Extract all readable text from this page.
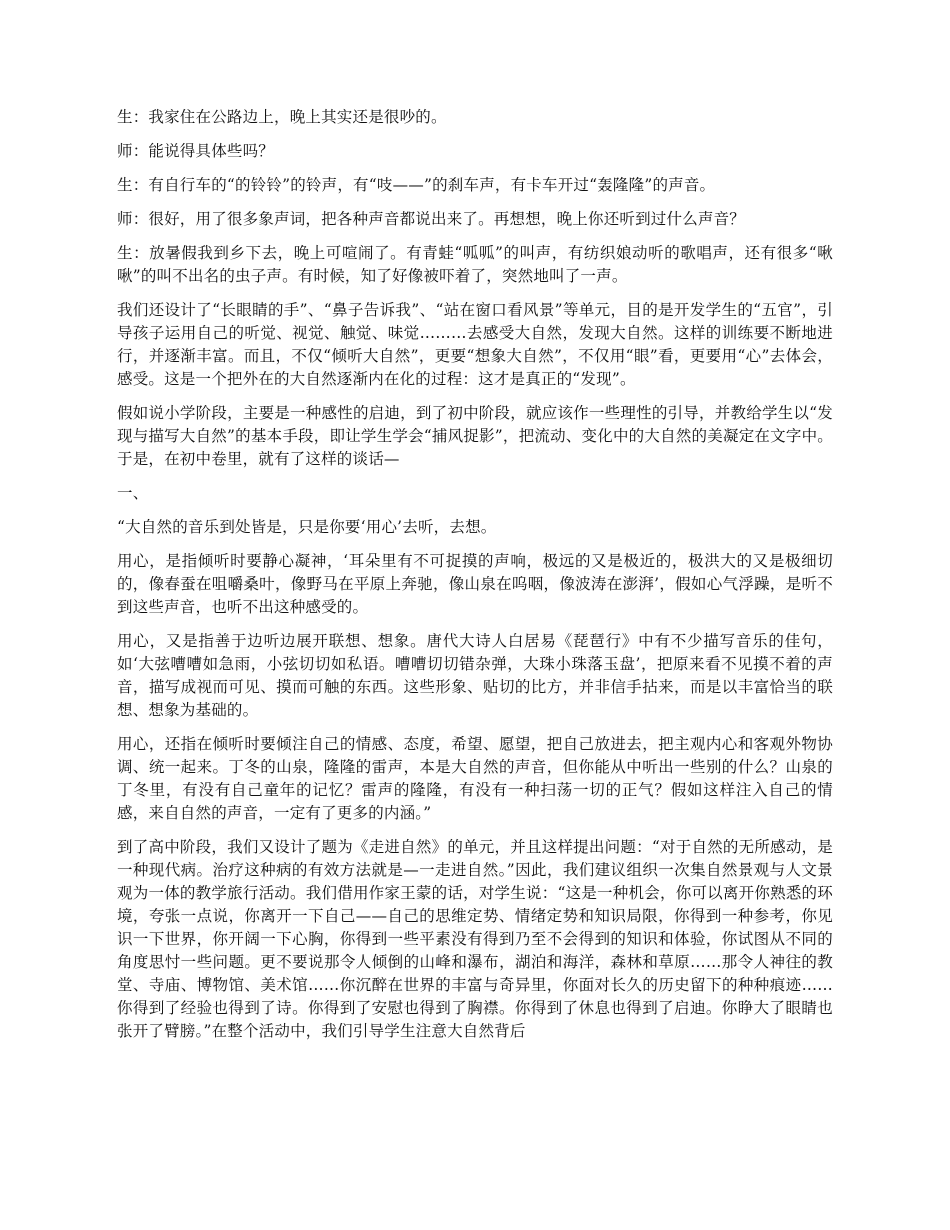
生：我家住在公路边上，晚上其实还是很吵的。

师：能说得具体些吗？

生：有自行车的“的铃铃”的铃声，有“吱——”的刹车声，有卡车开过“轰隆隆”的声音。

师：很好，用了很多象声词，把各种声音都说出来了。再想想，晚上你还听到过什么声音？

生：放暑假我到乡下去，晚上可喧闹了。有青蛙“呱呱”的叫声，有纺织娘动听的歌唱声，还有很多“啾啾”的叫不出名的虫子声。有时候，知了好像被吓着了，突然地叫了一声。

我们还设计了“长眼睛的手”、“鼻子告诉我”、“站在窗口看风景”等单元，目的是开发学生的“五官”，引导孩子运用自己的听觉、视觉、触觉、味觉………去感受大自然，发现大自然。这样的训练要不断地进行，并逐渐丰富。而且，不仅“倾听大自然”，更要“想象大自然”，不仅用“眼”看，更要用“心”去体会，感受。这是一个把外在的大自然逐渐内在化的过程：这才是真正的“发现”。

假如说小学阶段，主要是一种感性的启迪，到了初中阶段，就应该作一些理性的引导，并教给学生以“发现与描写大自然”的基本手段，即让学生学会“捕风捉影”，把流动、变化中的大自然的美凝定在文字中。于是，在初中卷里，就有了这样的谈话—

一、

“大自然的音乐到处皆是，只是你要‘用心’去听，去想。

用心，是指倾听时要静心凝神，‘耳朵里有不可捉摸的声响，极远的又是极近的，极洪大的又是极细切的，像春蚕在咀嚼桑叶，像野马在平原上奔驰，像山泉在呜咽，像波涛在澎湃’，假如心气浮躁，是听不到这些声音，也听不出这种感受的。

用心，又是指善于边听边展开联想、想象。唐代大诗人白居易《琵琶行》中有不少描写音乐的佳句，如‘大弦嘈嘈如急雨，小弦切切如私语。嘈嘈切切错杂弹，大珠小珠落玉盘’，把原来看不见摸不着的声音，描写成视而可见、摸而可触的东西。这些形象、贴切的比方，并非信手拈来，而是以丰富恰当的联想、想象为基础的。

用心，还指在倾听时要倾注自己的情感、态度，希望、愿望，把自己放进去，把主观内心和客观外物协调、统一起来。丁冬的山泉，隆隆的雷声，本是大自然的声音，但你能从中听出一些别的什么？山泉的丁冬里，有没有自己童年的记忆？雷声的隆隆，有没有一种扫荡一切的正气？假如这样注入自己的情感，来自自然的声音，一定有了更多的内涵。”

到了高中阶段，我们又设计了题为《走进自然》的单元，并且这样提出问题：“对于自然的无所感动，是一种现代病。治疗这种病的有效方法就是—一走进自然。”因此，我们建议组织一次集自然景观与人文景观为一体的教学旅行活动。我们借用作家王蒙的话，对学生说：“这是一种机会，你可以离开你熟悉的环境，夸张一点说，你离开一下自己——自己的思维定势、情绪定势和知识局限，你得到一种参考，你见识一下世界，你开阔一下心胸，你得到一些平素没有得到乃至不会得到的知识和体验，你试图从不同的角度思忖一些问题。更不要说那令人倾倒的山峰和瀑布，湖泊和海洋，森林和草原……那令人神往的教堂、寺庙、博物馆、美术馆……你沉醉在世界的丰富与奇异里，你面对长久的历史留下的种种痕迹……你得到了经验也得到了诗。你得到了安慰也得到了胸襟。你得到了休息也得到了启迪。你睁大了眼睛也张开了臂膀。”在整个活动中，我们引导学生注意大自然背后
